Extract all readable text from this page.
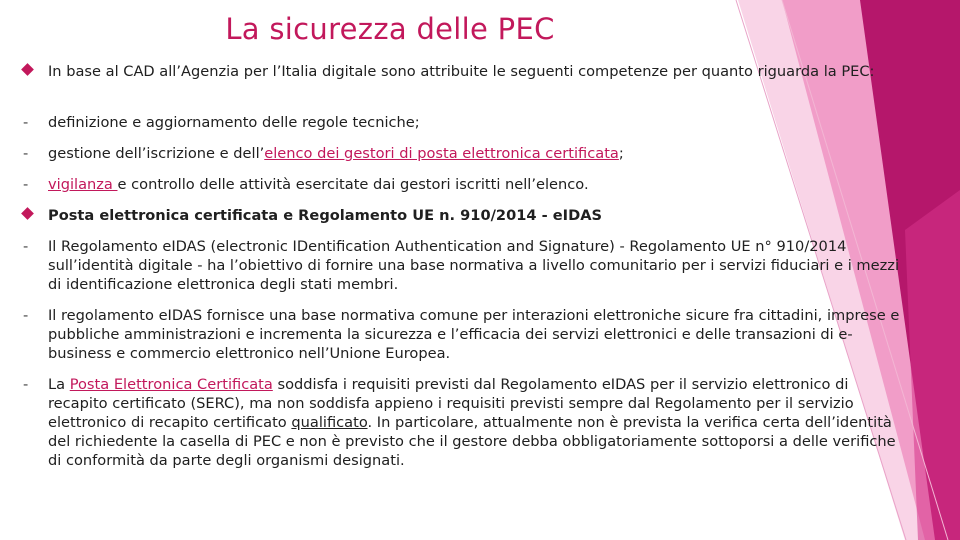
La sicurezza delle PEC
In base al CAD all’Agenzia per l’Italia digitale sono attribuite le seguenti competenze per quanto riguarda la PEC:
- definizione e aggiornamento delle regole tecniche;
- gestione dell’iscrizione e dell’elenco dei gestori di posta elettronica certificata;
- vigilanza e controllo delle attività esercitate dai gestori iscritti nell’elenco.
Posta elettronica certificata e Regolamento UE n. 910/2014 - eIDAS
- Il Regolamento eIDAS (electronic IDentification Authentication and Signature) - Regolamento UE n° 910/2014 sull’identità digitale - ha l’obiettivo di fornire una base normativa a livello comunitario per i servizi fiduciari e i mezzi di identificazione elettronica degli stati membri.
- Il regolamento eIDAS fornisce una base normativa comune per interazioni elettroniche sicure fra cittadini, imprese e pubbliche amministrazioni e incrementa la sicurezza e l’efficacia dei servizi elettronici e delle transazioni di e-business e commercio elettronico nell’Unione Europea.
- La Posta Elettronica Certificata soddisfa i requisiti previsti dal Regolamento eIDAS per il servizio elettronico di recapito certificato (SERC), ma non soddisfa appieno i requisiti previsti sempre dal Regolamento per il servizio elettronico di recapito certificato qualificato. In particolare, attualmente non è prevista la verifica certa dell’identità del richiedente la casella di PEC e non è previsto che il gestore debba obbligatoriamente sottoporsi a delle verifiche di conformità da parte degli organismi designati.
